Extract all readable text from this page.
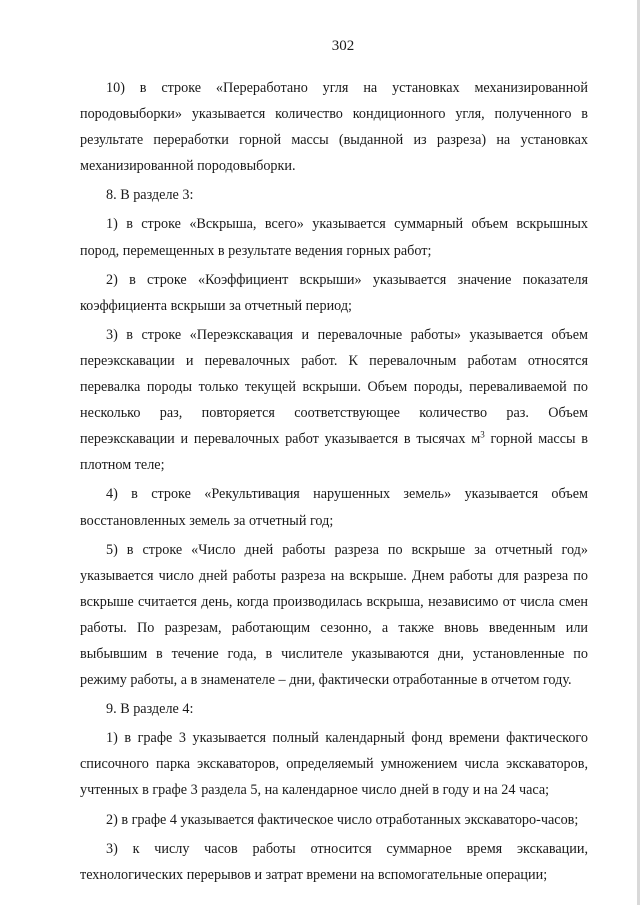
302

10) в строке «Переработано угля на установках механизированной породовыборки» указывается количество кондиционного угля, полученного в результате переработки горной массы (выданной из разреза) на установках механизированной породовыборки.

8. В разделе 3:

1) в строке «Вскрыша, всего» указывается суммарный объем вскрышных пород, перемещенных в результате ведения горных работ;

2) в строке «Коэффициент вскрыши» указывается значение показателя коэффициента вскрыши за отчетный период;

3) в строке «Переэкскавация и перевалочные работы» указывается объем переэкскавации и перевалочных работ. К перевалочным работам относятся перевалка породы только текущей вскрыши. Объем породы, переваливаемой по несколько раз, повторяется соответствующее количество раз. Объем переэкскавации и перевалочных работ указывается в тысячах $м^3$ горной массы в плотном теле;

4) в строке «Рекультивация нарушенных земель» указывается объем восстановленных земель за отчетный год;

5) в строке «Число дней работы разреза по вскрыше за отчетный год» указывается число дней работы разреза на вскрыше. Днем работы для разреза по вскрыше считается день, когда производилась вскрыша, независимо от числа смен работы. По разрезам, работающим сезонно, а также вновь введенным или выбывшим в течение года, в числителе указываются дни, установленные по режиму работы, а в знаменателе – дни, фактически отработанные в отчетом году.

9. В разделе 4:

1) в графе 3 указывается полный календарный фонд времени фактического списочного парка экскаваторов, определяемый умножением числа экскаваторов, учтенных в графе 3 раздела 5, на календарное число дней в году и на 24 часа;

2) в графе 4 указывается фактическое число отработанных экскаваторо-часов;

3) к числу часов работы относится суммарное время экскавации, технологических перерывов и затрат времени на вспомогательные операции;
